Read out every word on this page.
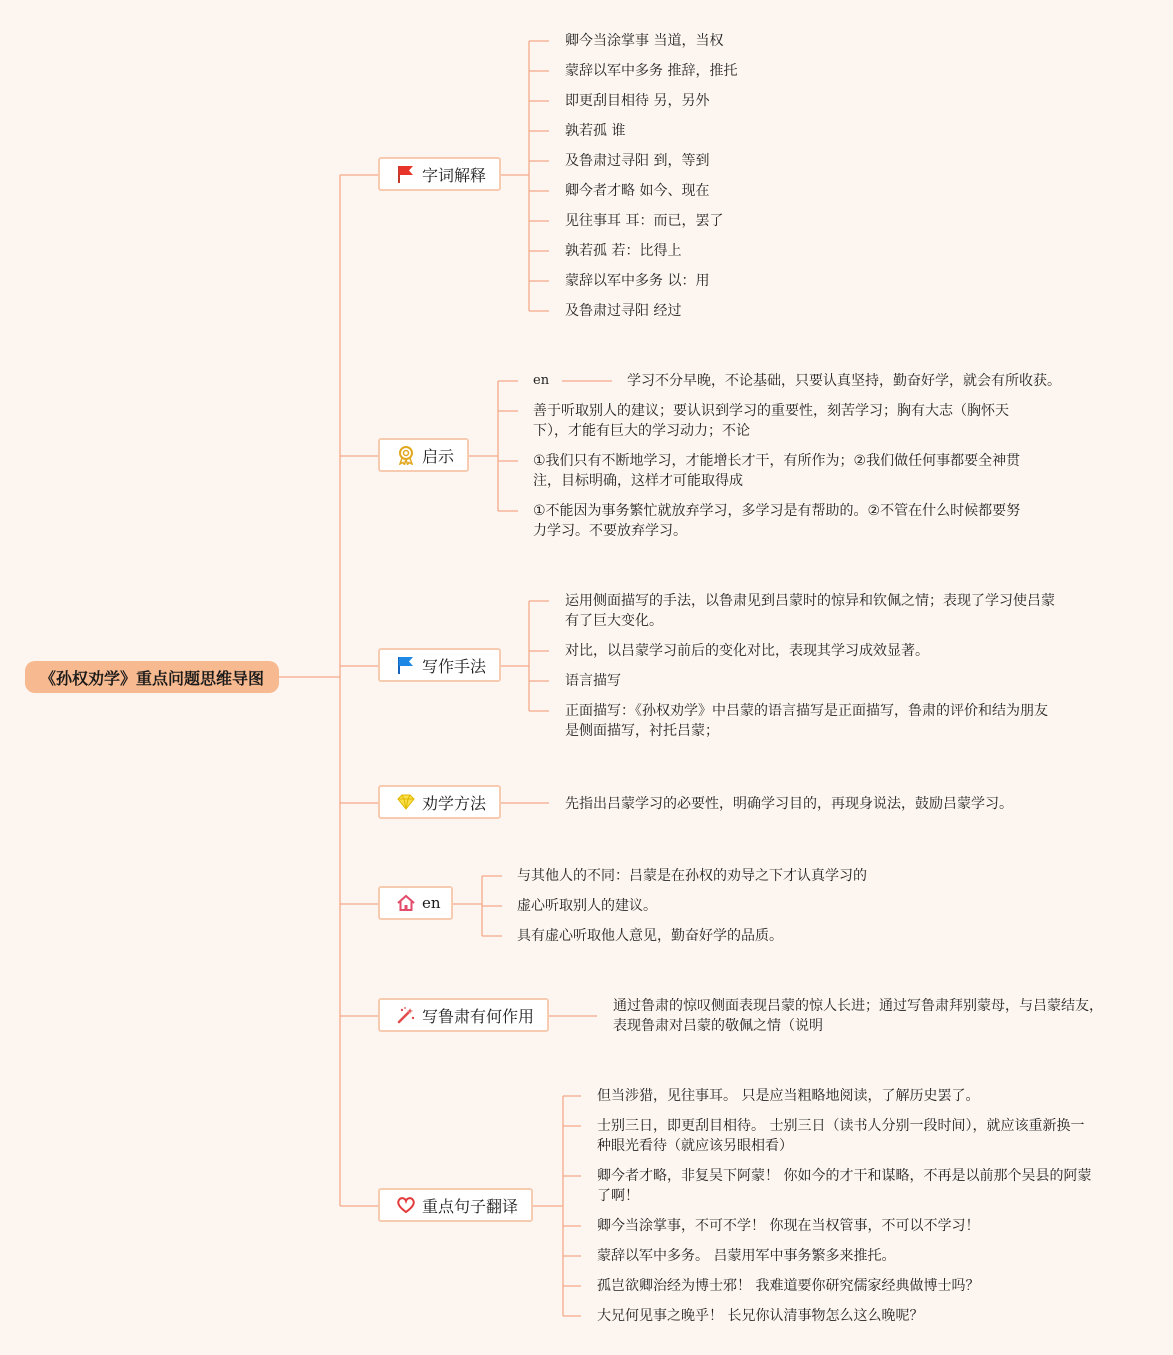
《孙权劝学》重点问题思维导图
字词解释
卿今当涂掌事 当道，当权
蒙辞以军中多务 推辞，推托
即更刮目相待 另，另外
孰若孤 谁
及鲁肃过寻阳 到，等到
卿今者才略 如今、现在
见往事耳 耳：而已，罢了
孰若孤 若：比得上
蒙辞以军中多务 以：用
及鲁肃过寻阳 经过
启示
en	学习不分早晚，不论基础，只要认真坚持，勤奋好学，就会有所收获。
善于听取别人的建议；要认识到学习的重要性，刻苦学习；胸有大志（胸怀天下），才能有巨大的学习动力；不论
①我们只有不断地学习，才能增长才干，有所作为；②我们做任何事都要全神贯注，目标明确，这样才可能取得成
①不能因为事务繁忙就放弃学习，多学习是有帮助的。②不管在什么时候都要努力学习。不要放弃学习。
写作手法
运用侧面描写的手法，以鲁肃见到吕蒙时的惊异和钦佩之情；表现了学习使吕蒙有了巨大变化。
对比，以吕蒙学习前后的变化对比，表现其学习成效显著。
语言描写
正面描写：《孙权劝学》中吕蒙的语言描写是正面描写，鲁肃的评价和结为朋友是侧面描写，衬托吕蒙；
劝学方法	先指出吕蒙学习的必要性，明确学习目的，再现身说法，鼓励吕蒙学习。
en
与其他人的不同：吕蒙是在孙权的劝导之下才认真学习的
虚心听取别人的建议。
具有虚心听取他人意见，勤奋好学的品质。
写鲁肃有何作用
通过鲁肃的惊叹侧面表现吕蒙的惊人长进；通过写鲁肃拜别蒙母，与吕蒙结友，表现鲁肃对吕蒙的敬佩之情（说明
重点句子翻译
但当涉猎，见往事耳。 只是应当粗略地阅读，了解历史罢了。
士别三日，即更刮目相待。 士别三日（读书人分别一段时间），就应该重新换一种眼光看待（就应该另眼相看）
卿今者才略，非复吴下阿蒙！ 你如今的才干和谋略，不再是以前那个吴县的阿蒙了啊！
卿今当涂掌事，不可不学！ 你现在当权管事，不可以不学习！
蒙辞以军中多务。 吕蒙用军中事务繁多来推托。
孤岂欲卿治经为博士邪！ 我难道要你研究儒家经典做博士吗？
大兄何见事之晚乎！ 长兄你认清事物怎么这么晚呢？
